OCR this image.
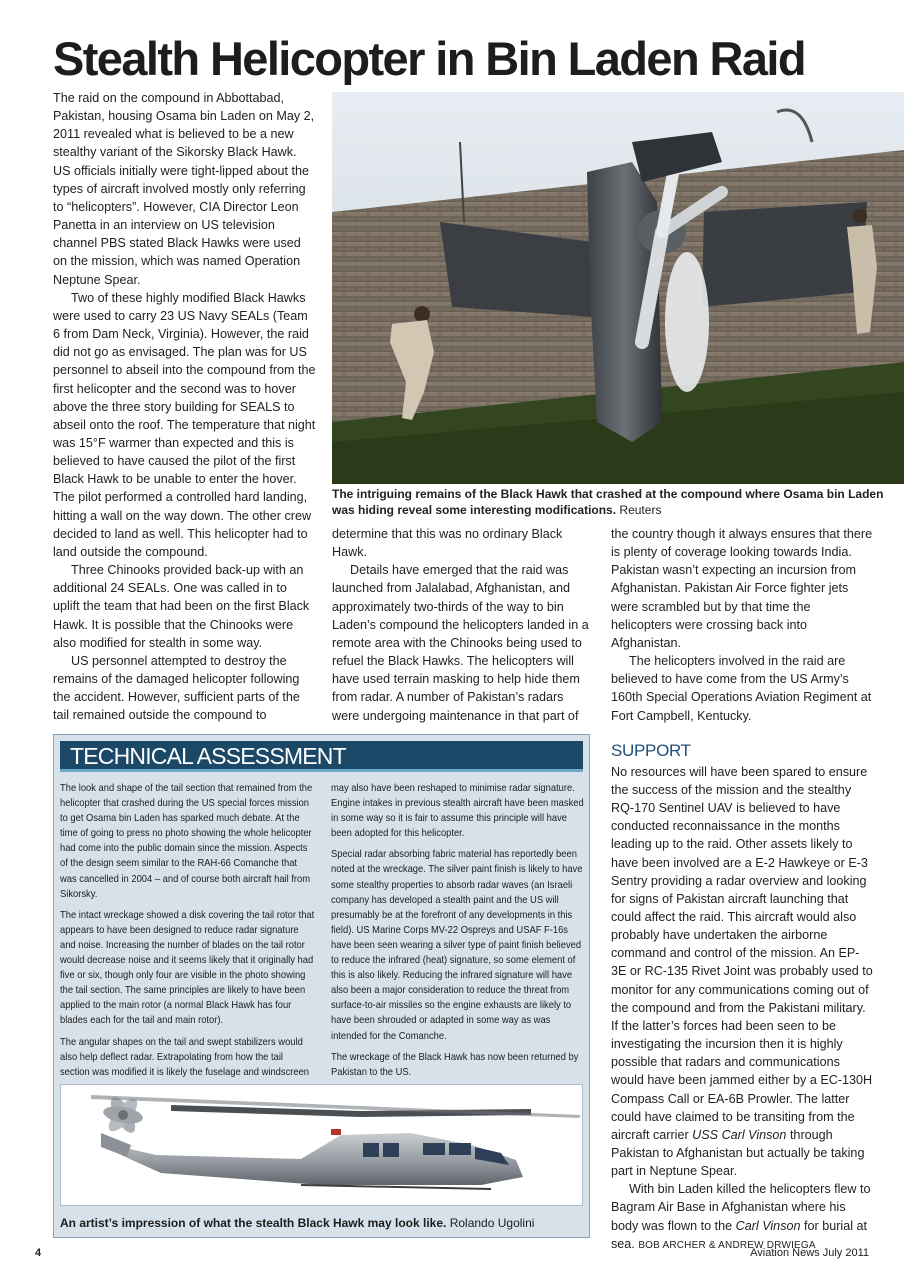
Stealth Helicopter in Bin Laden Raid

The raid on the compound in Abbottabad, Pakistan, housing Osama bin Laden on May 2, 2011 revealed what is believed to be a new stealthy variant of the Sikorsky Black Hawk. US officials initially were tight-lipped about the types of aircraft involved mostly only referring to “helicopters”. However, CIA Director Leon Panetta in an interview on US television channel PBS stated Black Hawks were used on the mission, which was named Operation Neptune Spear.

Two of these highly modified Black Hawks were used to carry 23 US Navy SEALs (Team 6 from Dam Neck, Virginia). However, the raid did not go as envisaged. The plan was for US personnel to abseil into the compound from the first helicopter and the second was to hover above the three story building for SEALS to abseil onto the roof. The temperature that night was 15°F warmer than expected and this is believed to have caused the pilot of the first Black Hawk to be unable to enter the hover. The pilot performed a controlled hard landing, hitting a wall on the way down. The other crew decided to land as well. This helicopter had to land outside the compound.

Three Chinooks provided back-up with an additional 24 SEALs. One was called in to uplift the team that had been on the first Black Hawk. It is possible that the Chinooks were also modified for stealth in some way.

US personnel attempted to destroy the remains of the damaged helicopter following the accident. However, sufficient parts of the tail remained outside the compound to

The intriguing remains of the Black Hawk that crashed at the compound where Osama bin Laden was hiding reveal some interesting modifications. Reuters

determine that this was no ordinary Black Hawk.

Details have emerged that the raid was launched from Jalalabad, Afghanistan, and approximately two-thirds of the way to bin Laden’s compound the helicopters landed in a remote area with the Chinooks being used to refuel the Black Hawks. The helicopters will have used terrain masking to help hide them from radar. A number of Pakistan’s radars were undergoing maintenance in that part of

the country though it always ensures that there is plenty of coverage looking towards India. Pakistan wasn’t expecting an incursion from Afghanistan. Pakistan Air Force fighter jets were scrambled but by that time the helicopters were crossing back into Afghanistan.

The helicopters involved in the raid are believed to have come from the US Army’s 160th Special Operations Aviation Regiment at Fort Campbell, Kentucky.

SUPPORT

No resources will have been spared to ensure the success of the mission and the stealthy RQ-170 Sentinel UAV is believed to have conducted reconnaissance in the months leading up to the raid. Other assets likely to have been involved are a E-2 Hawkeye or E-3 Sentry providing a radar overview and looking for signs of Pakistan aircraft launching that could affect the raid. This aircraft would also probably have undertaken the airborne command and control of the mission. An EP-3E or RC-135 Rivet Joint was probably used to monitor for any communications coming out of the compound and from the Pakistani military. If the latter’s forces had been seen to be investigating the incursion then it is highly possible that radars and communications would have been jammed either by a EC-130H Compass Call or EA-6B Prowler. The latter could have claimed to be transiting from the aircraft carrier USS Carl Vinson through Pakistan to Afghanistan but actually be taking part in Neptune Spear.

With bin Laden killed the helicopters flew to Bagram Air Base in Afghanistan where his body was flown to the Carl Vinson for burial at sea. BOB ARCHER & ANDREW DRWIEGA

TECHNICAL ASSESSMENT

The look and shape of the tail section that remained from the helicopter that crashed during the US special forces mission to get Osama bin Laden has sparked much debate. At the time of going to press no photo showing the whole helicopter had come into the public domain since the mission. Aspects of the design seem similar to the RAH-66 Comanche that was cancelled in 2004 – and of course both aircraft hail from Sikorsky.

The intact wreckage showed a disk covering the tail rotor that appears to have been designed to reduce radar signature and noise. Increasing the number of blades on the tail rotor would decrease noise and it seems likely that it originally had five or six, though only four are visible in the photo showing the tail section. The same principles are likely to have been applied to the main rotor (a normal Black Hawk has four blades each for the tail and main rotor).

The angular shapes on the tail and swept stabilizers would also help deflect radar. Extrapolating from how the tail section was modified it is likely the fuselage and windscreen

may also have been reshaped to minimise radar signature. Engine intakes in previous stealth aircraft have been masked in some way so it is fair to assume this principle will have been adopted for this helicopter.

Special radar absorbing fabric material has reportedly been noted at the wreckage. The silver paint finish is likely to have some stealthy properties to absorb radar waves (an Israeli company has developed a stealth paint and the US will presumably be at the forefront of any developments in this field). US Marine Corps MV-22 Ospreys and USAF F-16s have been seen wearing a silver type of paint finish believed to reduce the infrared (heat) signature, so some element of this is also likely. Reducing the infrared signature will have also been a major consideration to reduce the threat from surface-to-air missiles so the engine exhausts are likely to have been shrouded or adapted in some way as was intended for the Comanche.

The wreckage of the Black Hawk has now been returned by Pakistan to the US.

An artist’s impression of what the stealth Black Hawk may look like. Rolando Ugolini
4	Aviation News July 2011
